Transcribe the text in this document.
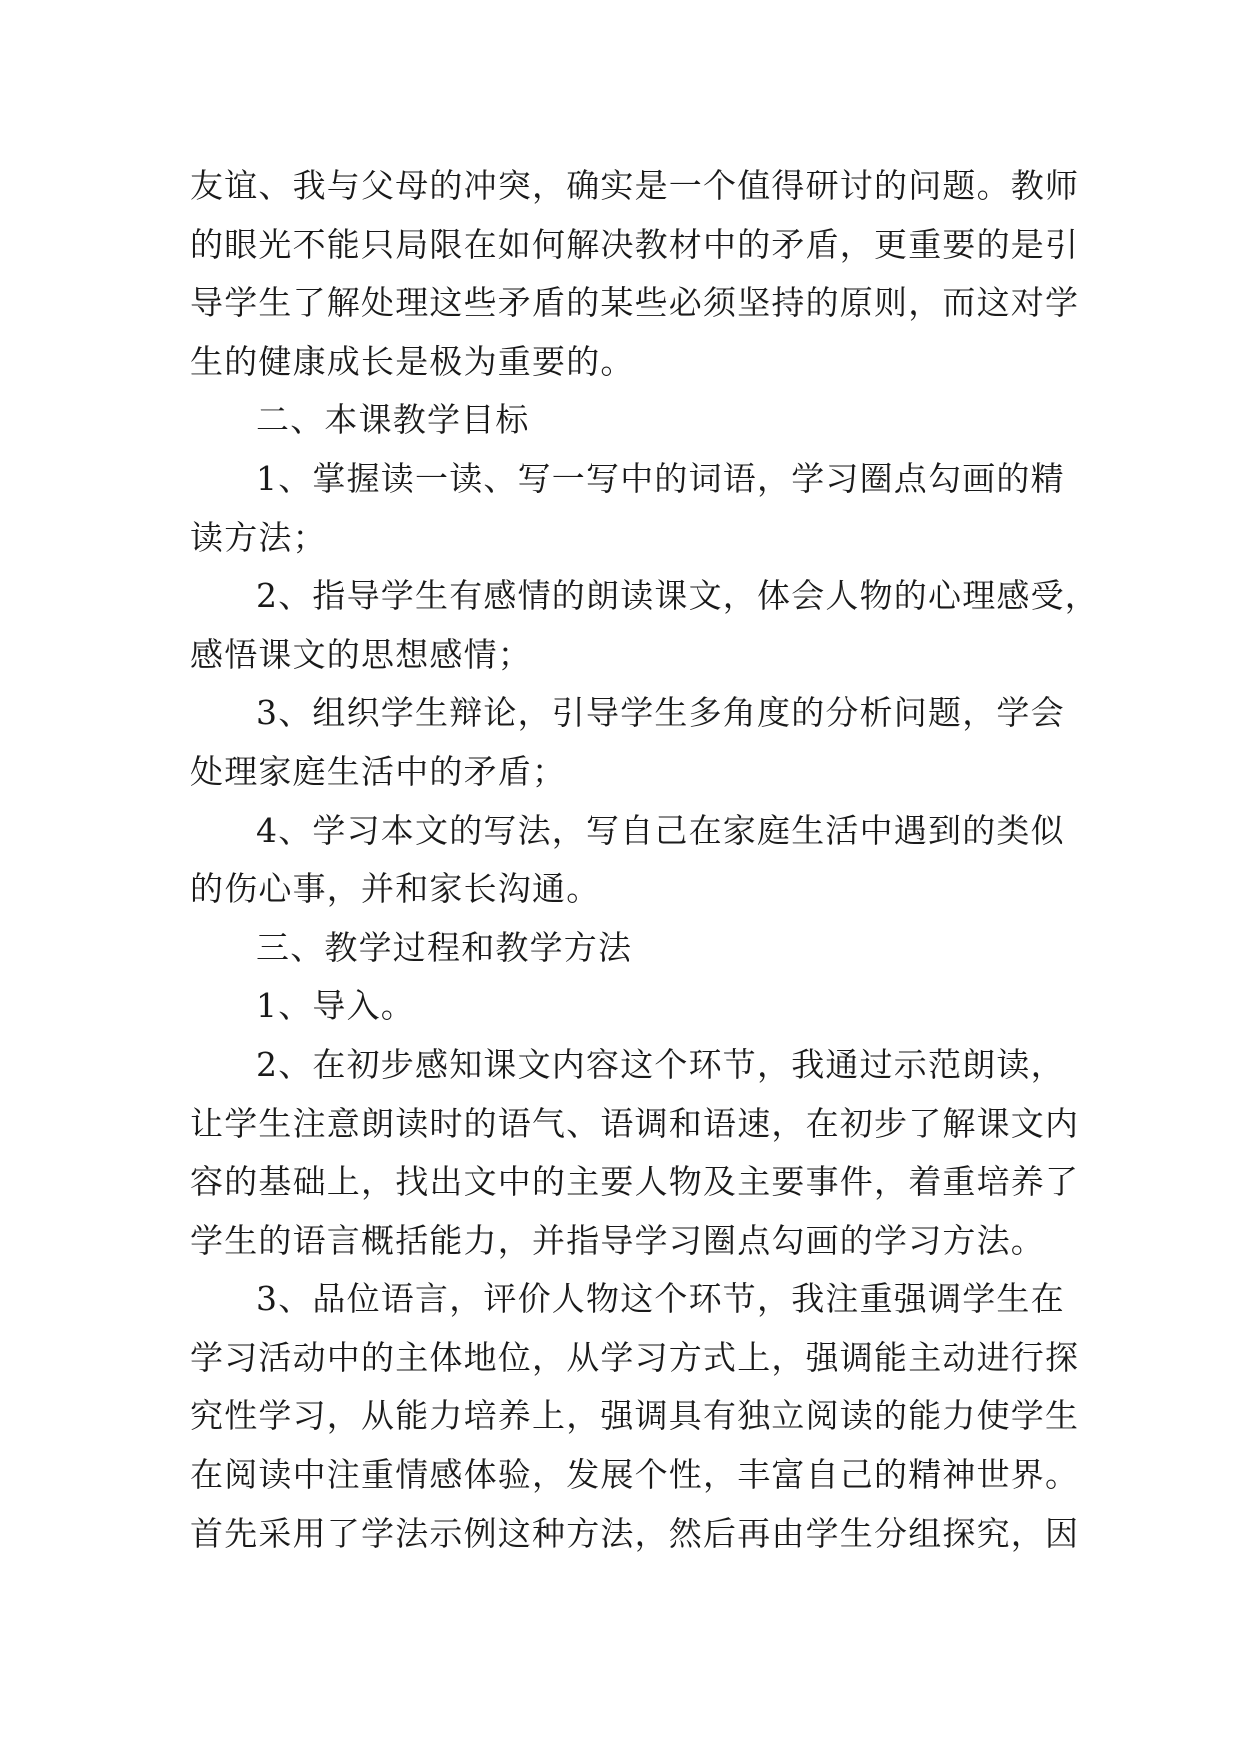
友谊、我与父母的冲突，确实是一个值得研讨的问题。教师
的眼光不能只局限在如何解决教材中的矛盾，更重要的是引
导学生了解处理这些矛盾的某些必须坚持的原则，而这对学
生的健康成长是极为重要的。
二、本课教学目标
1、掌握读一读、写一写中的词语，学习圈点勾画的精
读方法；
2、指导学生有感情的朗读课文，体会人物的心理感受，
感悟课文的思想感情；
3、组织学生辩论，引导学生多角度的分析问题，学会
处理家庭生活中的矛盾；
4、学习本文的写法，写自己在家庭生活中遇到的类似
的伤心事，并和家长沟通。
三、教学过程和教学方法
1、导入。
2、在初步感知课文内容这个环节，我通过示范朗读，
让学生注意朗读时的语气、语调和语速，在初步了解课文内
容的基础上，找出文中的主要人物及主要事件，着重培养了
学生的语言概括能力，并指导学习圈点勾画的学习方法。
3、品位语言，评价人物这个环节，我注重强调学生在
学习活动中的主体地位，从学习方式上，强调能主动进行探
究性学习，从能力培养上，强调具有独立阅读的能力使学生
在阅读中注重情感体验，发展个性，丰富自己的精神世界。
首先采用了学法示例这种方法，然后再由学生分组探究，因
